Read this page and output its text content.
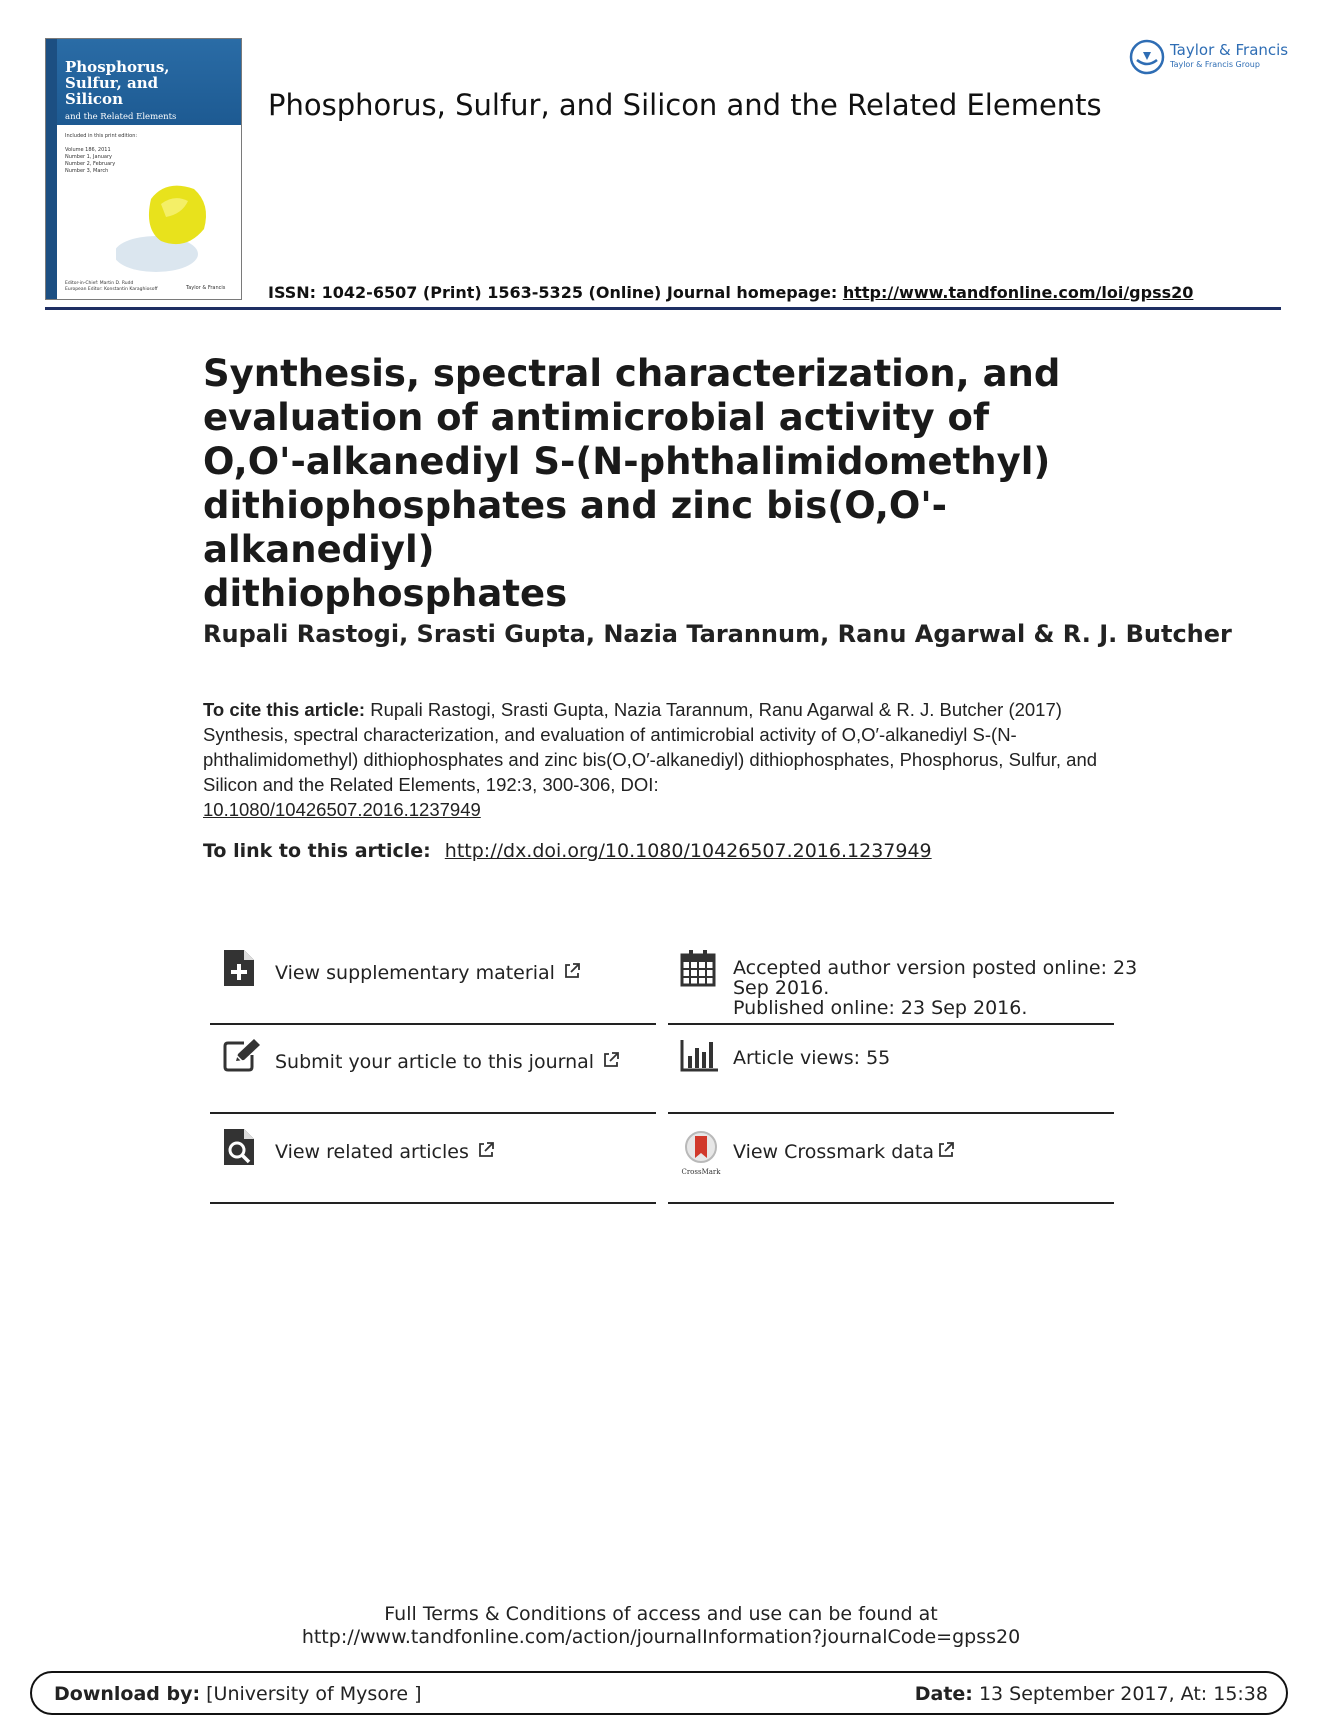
Phosphorus,
Sulfur, and
Silicon
and the Related Elements
Included in this print edition:

Volume 186, 2011
Number 1, January
Number 2, February
Number 3, March
Editor-in-Chief: Martin D. Rudd
European Editor: Konstantin Karaghiosoff	Taylor & Francis
Phosphorus, Sulfur, and Silicon and the Related Elements
ISSN: 1042-6507 (Print) 1563-5325 (Online) Journal homepage: http://www.tandfonline.com/loi/gpss20
Taylor & Francis
Taylor & Francis Group
Synthesis, spectral characterization, and
evaluation of antimicrobial activity of
O,O'-alkanediyl S-(N-phthalimidomethyl)
dithiophosphates and zinc bis(O,O'-alkanediyl)
dithiophosphates
Rupali Rastogi, Srasti Gupta, Nazia Tarannum, Ranu Agarwal & R. J. Butcher
To cite this article: Rupali Rastogi, Srasti Gupta, Nazia Tarannum, Ranu Agarwal & R. J. Butcher (2017) Synthesis, spectral characterization, and evaluation of antimicrobial activity of O,O′-alkanediyl S-(N-phthalimidomethyl) dithiophosphates and zinc bis(O,O′-alkanediyl) dithiophosphates, Phosphorus, Sulfur, and Silicon and the Related Elements, 192:3, 300-306, DOI:
10.1080/10426507.2016.1237949
To link to this article: http://dx.doi.org/10.1080/10426507.2016.1237949
View supplementary material	Accepted author version posted online: 23
Sep 2016.
Published online: 23 Sep 2016.
Submit your article to this journal	Article views: 55
View related articles
CrossMark
View Crossmark data
Full Terms & Conditions of access and use can be found at
http://www.tandfonline.com/action/journalInformation?journalCode=gpss20
Download by: [University of Mysore ]	Date: 13 September 2017, At: 15:38
